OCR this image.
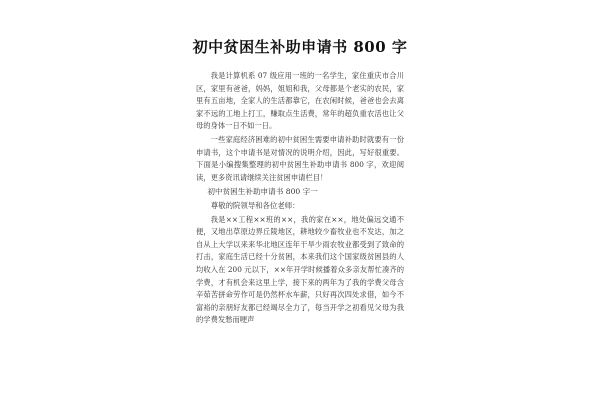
初中贫困生补助申请书 800 字

我是计算机系 07 级应用一班的一名学生，家住重庆市合川区，家里有爸爸，妈妈，姐姐和我，父母都是个老实的农民，家里有五亩地，全家人的生活都靠它，在农闲时候，爸爸也会去离家不远的工地上打工，赚取点生活费，常年的超负重农活也让父母的身体一日不如一日。

一些家庭经济困难的初中贫困生需要申请补助时就要有一份申请书，这个申请书是对情况的说明介绍，因此，写好很重要。下面是小编搜集整理的初中贫困生补助申请书 800 字，欢迎阅读，更多资讯请继续关注贫困申请栏目！

初中贫困生补助申请书 800 字一

尊敬的院领导和各位老师：

我是××工程××班的××，我的家在××，地处偏远交通不便，又地出草原边界丘陵地区，耕地较少畜牧业也不发达，加之自从上大学以来来华北地区连年干旱少雨农牧业都受到了致命的打击，家庭生活已经十分贫困，本来我们这个国家级贫困县的人均收入在 200 元以下，××年开学时候播着众多亲友帮忙凑齐的学费，才有机会来这里上学，接下来的两年为了我的学费父母含辛茹苦拼命劳作可是仍然杯水车薪，只好再次四处求借，如今不富裕的亲朋好友都已经竭尽全力了，每当开学之初看见父母为我的学费发愁而哽声
